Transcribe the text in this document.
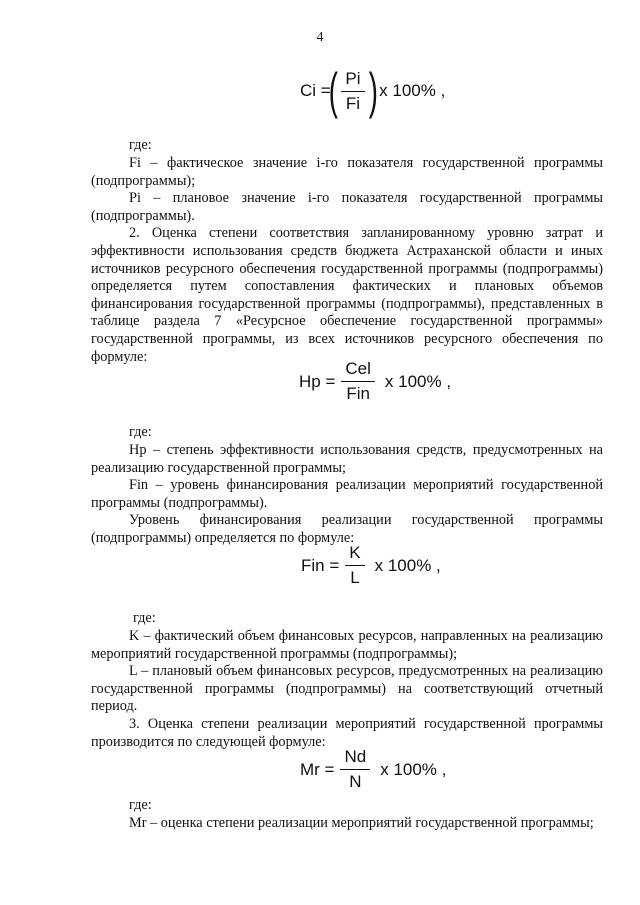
4
Ci =
( $\frac{Pi}{Fi}$ ) x 100% ,
где:

Fi – фактическое значение i-го показателя государственной программы (подпрограммы);

Pi – плановое значение i-го показателя государственной программы (подпрограммы).

2. Оценка степени соответствия запланированному уровню затрат и эффективности использования средств бюджета Астраханской области и иных источников ресурсного обеспечения государственной программы (подпрограммы) определяется путем сопоставления фактических и плановых объемов финансирования государственной программы (подпрограммы), представленных в таблице раздела 7 «Ресурсное обеспечение государственной программы» государственной программы, из всех источников ресурсного обеспечения по формуле:

$Hp = \frac{\text{Cel}}{\text{Fin}}$ x 100% ,
где:

Hp – степень эффективности использования средств, предусмотренных на реализацию государственной программы;

Fin – уровень финансирования реализации мероприятий государственной программы (подпрограммы).

Уровень финансирования реализации государственной программы (подпрограммы) определяется по формуле:

Fin = $\frac{K}{L}$ x 100% ,
где:

K – фактический объем финансовых ресурсов, направленных на реализацию мероприятий государственной программы (подпрограммы);

L – плановый объем финансовых ресурсов, предусмотренных на реализацию государственной программы (подпрограммы) на соответствующий отчетный период.

3. Оценка степени реализации мероприятий государственной программы производится по следующей формуле:

$Mr = \frac{Nd}{N}$ x 100% ,
где:

Mr – оценка степени реализации мероприятий государственной программы;
